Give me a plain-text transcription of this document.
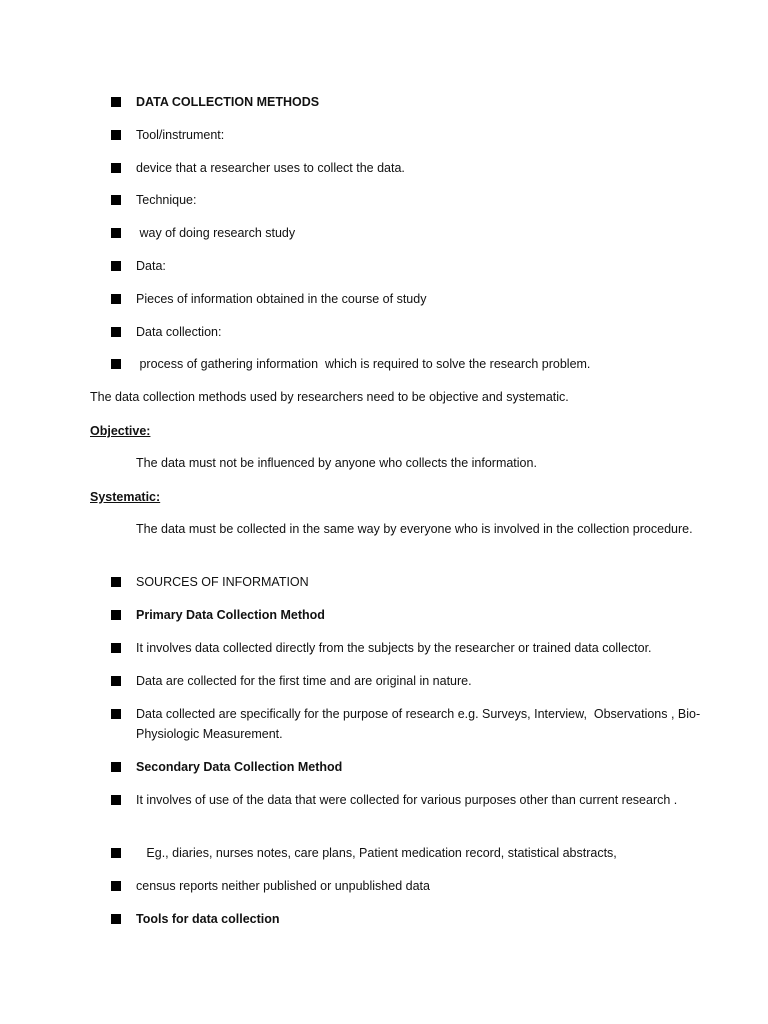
DATA COLLECTION METHODS
Tool/instrument:
device that a researcher uses to collect the data.
Technique:
way of doing research study
Data:
Pieces of information obtained in the course of study
Data collection:
process of gathering information  which is required to solve the research problem.
The data collection methods used by researchers need to be objective and systematic.
Objective:
The data must not be influenced by anyone who collects the information.
Systematic:
The data must be collected in the same way by everyone who is involved in the collection procedure.
SOURCES OF INFORMATION
Primary Data Collection Method
It involves data collected directly from the subjects by the researcher or trained data collector.
Data are collected for the first time and are original in nature.
Data collected are specifically for the purpose of research e.g. Surveys, Interview,  Observations , Bio-Physiologic Measurement.
Secondary Data Collection Method
It involves of use of the data that were collected for various purposes other than current research .
Eg., diaries, nurses notes, care plans, Patient medication record, statistical abstracts,
census reports neither published or unpublished data
Tools for data collection
